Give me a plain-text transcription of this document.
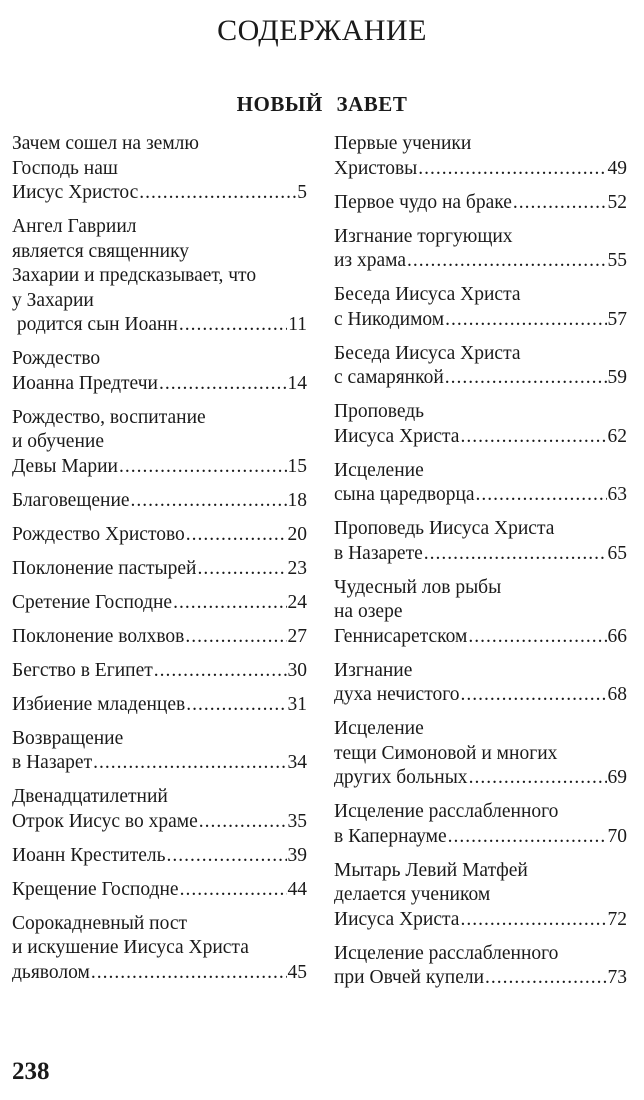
СОДЕРЖАНИЕ
НОВЫЙ ЗАВЕТ
Зачем сошел на землю
Господь наш
Иисус Христос .....	5
Ангел Гавриил
является священнику
Захарии и предсказывает, что
у Захарии
родится сын Иоанн .....	11
Рождество
Иоанна Предтечи .....	14
Рождество, воспитание
и обучение
Девы Марии .....	15
Благовещение .....	18
Рождество Христово .....	20
Поклонение пастырей .....	23
Сретение Господне .....	24
Поклонение волхвов .....	27
Бегство в Египет .....	30
Избиение младенцев .....	31
Возвращение
в Назарет .....	34
Двенадцатилетний
Отрок Иисус во храме .....	35
Иоанн Креститель .....	39
Крещение Господне .....	44
Сорокадневный пост
и искушение Иисуса Христа
дьяволом .....	45
Первые ученики
Христовы .....	49
Первое чудо на браке .....	52
Изгнание торгующих
из храма .....	55
Беседа Иисуса Христа
с Никодимом .....	57
Беседа Иисуса Христа
с самарянкой .....	59
Проповедь
Иисуса Христа .....	62
Исцеление
сына царедворца .....	63
Проповедь Иисуса Христа
в Назарете .....	65
Чудесный лов рыбы
на озере
Геннисаретском .....	66
Изгнание
духа нечистого .....	68
Исцеление
тещи Симоновой и многих
других больных .....	69
Исцеление расслабленного
в Капернауме .....	70
Мытарь Левий Матфей
делается учеником
Иисуса Христа .....	72
Исцеление расслабленного
при Овчей купели .....	73
238
